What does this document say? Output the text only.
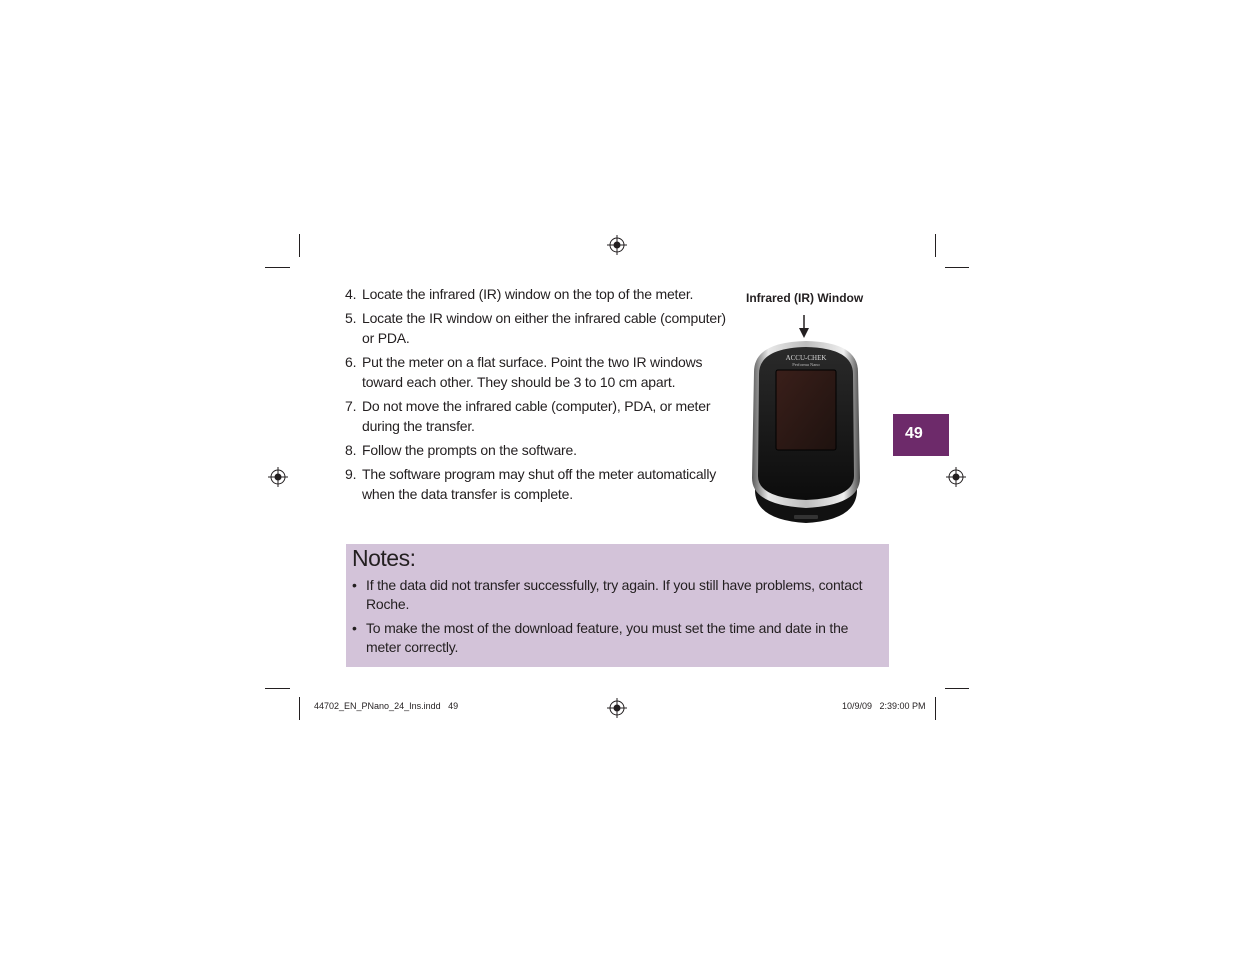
4. Locate the infrared (IR) window on the top of the meter.
5. Locate the IR window on either the infrared cable (computer) or PDA.
6. Put the meter on a flat surface. Point the two IR windows toward each other. They should be 3 to 10 cm apart.
7. Do not move the infrared cable (computer), PDA, or meter during the transfer.
8. Follow the prompts on the software.
9. The software program may shut off the meter automatically when the data transfer is complete.
Infrared (IR) Window
ACCU-CHEK
Performa Nano
49
Notes:
• If the data did not transfer successfully, try again. If you still have problems, contact Roche.
• To make the most of the download feature, you must set the time and date in the meter correctly.
44702_EN_PNano_24_Ins.indd   49	10/9/09   2:39:00 PM
